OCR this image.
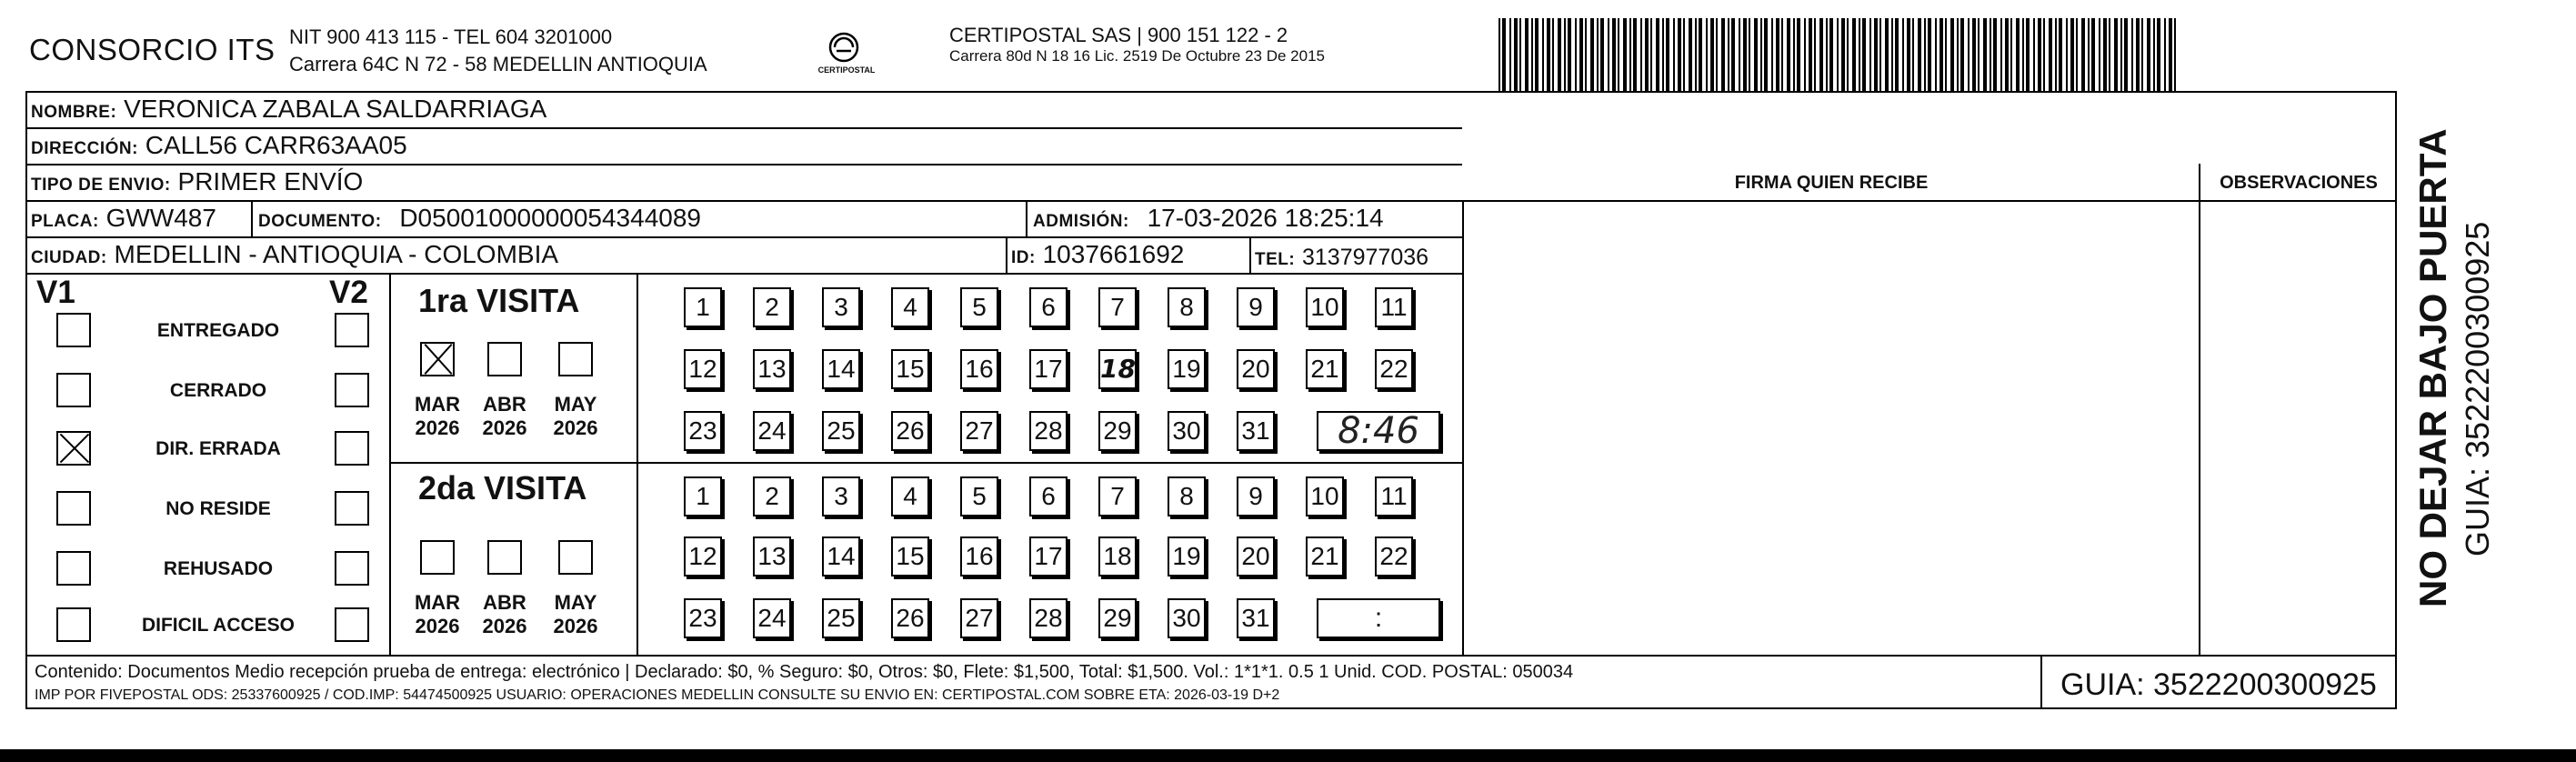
CONSORCIO ITS NIT 900 413 115 - TEL 604 3201000
Carrera 64C N 72 - 58 MEDELLIN ANTIOQUIA	CERTIPOSTAL
CERTIPOSTAL SAS | 900 151 122 - 2
Carrera 80d N 18 16 Lic. 2519 De Octubre 23 De 2015
NOMBRE: VERONICA ZABALA SALDARRIAGA
DIRECCIÓN: CALL56 CARR63AA05
TIPO DE ENVIO: PRIMER ENVÍO
PLACA: GWW487 DOCUMENTO: D05001000000054344089	ADMISIÓN: 17-03-2026 18:25:14
CIUDAD: MEDELLIN - ANTIOQUIA - COLOMBIA	ID: 1037661692	TEL: 3137977036
FIRMA QUIEN RECIBE	OBSERVACIONES
V1	V2
ENTREGADO
CERRADO
DIR. ERRADA
NO RESIDE
REHUSADO
DIFICIL ACCESO
1ra VISITA
MAR
2026
ABR
2026
MAY
2026
1	2	3	4	5	6	7	8	9	10 11
12 13 14 15 16 17 18 19 20 21 22
23 24 25 26 27 28 29 30 31	8:46
2da VISITA
MAR
2026
ABR
2026
MAY
2026
1	2	3	4	5	6	7	8	9	10 11
12 13 14 15 16 17 18 19 20 21 22
23 24 25 26 27 28 29 30 31	:
Contenido: Documentos Medio recepción prueba de entrega: electrónico | Declarado: $0, % Seguro: $0, Otros: $0, Flete: $1,500, Total: $1,500. Vol.: 1*1*1. 0.5 1 Unid. COD. POSTAL: 050034
IMP POR FIVEPOSTAL ODS: 25337600925 / COD.IMP: 54474500925 USUARIO: OPERACIONES MEDELLIN CONSULTE SU ENVIO EN: CERTIPOSTAL.COM SOBRE ETA: 2026-03-19 D+2	GUIA: 3522200300925
NO DEJAR BAJO PUERTA GUIA: 3522200300925
